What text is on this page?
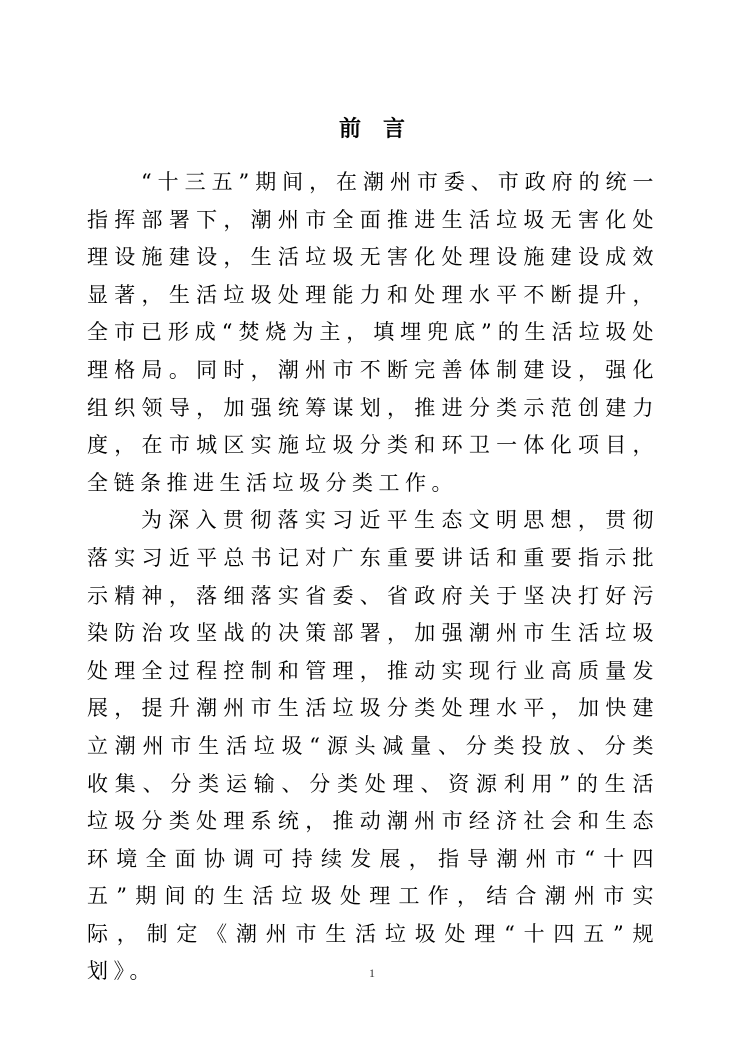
前言

“十三五”期间，在潮州市委、市政府的统一指挥部署下，潮州市全面推进生活垃圾无害化处理设施建设，生活垃圾无害化处理设施建设成效显著，生活垃圾处理能力和处理水平不断提升，全市已形成“焚烧为主，填埋兜底”的生活垃圾处理格局。同时，潮州市不断完善体制建设，强化组织领导，加强统筹谋划，推进分类示范创建力度，在市城区实施垃圾分类和环卫一体化项目，全链条推进生活垃圾分类工作。

为深入贯彻落实习近平生态文明思想，贯彻落实习近平总书记对广东重要讲话和重要指示批示精神，落细落实省委、省政府关于坚决打好污染防治攻坚战的决策部署，加强潮州市生活垃圾处理全过程控制和管理，推动实现行业高质量发展，提升潮州市生活垃圾分类处理水平，加快建立潮州市生活垃圾“源头减量、分类投放、分类收集、分类运输、分类处理、资源利用”的生活垃圾分类处理系统，推动潮州市经济社会和生态环境全面协调可持续发展，指导潮州市“十四五”期间的生活垃圾处理工作，结合潮州市实际，制定《潮州市生活垃圾处理“十四五”规划》。	1
